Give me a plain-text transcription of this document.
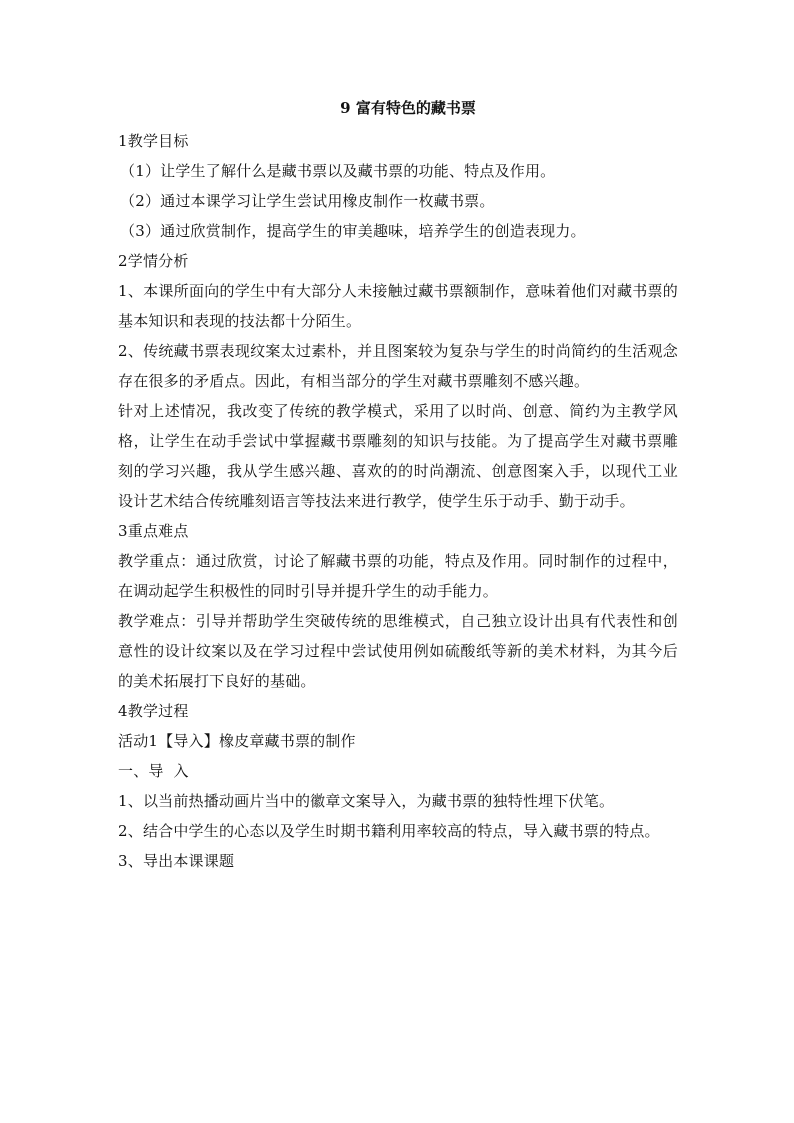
9 富有特色的藏书票

1教学目标

（1）让学生了解什么是藏书票以及藏书票的功能、特点及作用。

（2）通过本课学习让学生尝试用橡皮制作一枚藏书票。

（3）通过欣赏制作，提高学生的审美趣味，培养学生的创造表现力。

2学情分析

1、本课所面向的学生中有大部分人未接触过藏书票额制作，意味着他们对藏书票的基本知识和表现的技法都十分陌生。

2、传统藏书票表现纹案太过素朴，并且图案较为复杂与学生的时尚简约的生活观念存在很多的矛盾点。因此，有相当部分的学生对藏书票雕刻不感兴趣。

针对上述情况，我改变了传统的教学模式，采用了以时尚、创意、简约为主教学风格，让学生在动手尝试中掌握藏书票雕刻的知识与技能。为了提高学生对藏书票雕刻的学习兴趣，我从学生感兴趣、喜欢的的时尚潮流、创意图案入手，以现代工业设计艺术结合传统雕刻语言等技法来进行教学，使学生乐于动手、勤于动手。

3重点难点

教学重点：通过欣赏，讨论了解藏书票的功能，特点及作用。同时制作的过程中，在调动起学生积极性的同时引导并提升学生的动手能力。

教学难点：引导并帮助学生突破传统的思维模式，自己独立设计出具有代表性和创意性的设计纹案以及在学习过程中尝试使用例如硫酸纸等新的美术材料，为其今后的美术拓展打下良好的基础。

4教学过程

活动1【导入】橡皮章藏书票的制作

一、导  入

1、以当前热播动画片当中的徽章文案导入，为藏书票的独特性埋下伏笔。

2、结合中学生的心态以及学生时期书籍利用率较高的特点，导入藏书票的特点。

3、导出本课课题
